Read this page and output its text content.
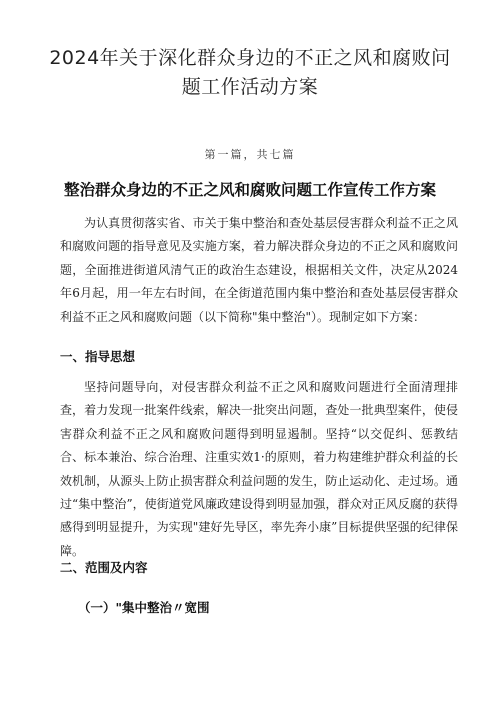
2024年关于深化群众身边的不正之风和腐败问题工作活动方案
第一篇，共七篇
整治群众身边的不正之风和腐败问题工作宣传工作方案
为认真贯彻落实省、市关于集中整治和查处基层侵害群众利益不正之风和腐败问题的指导意见及实施方案，着力解决群众身边的不正之风和腐败问题，全面推进街道风清气正的政治生态建设，根据相关文件，决定从2024年6月起，用一年左右时间，在全街道范围内集中整治和查处基层侵害群众利益不正之风和腐败问题（以下简称"集中整治"）。现制定如下方案：
一、指导思想
坚持问题导向，对侵害群众利益不正之风和腐败问题进行全面清理排查，着力发现一批案件线索，解决一批突出问题，查处一批典型案件，使侵害群众利益不正之风和腐败问题得到明显遏制。坚持“以交促纠、惩教结合、标本兼治、综合治理、注重实效1·的原则，着力构建维护群众利益的长效机制，从源头上防止损害群众利益问题的发生，防止运动化、走过场。通过“集中整治”，使街道党风廉政建设得到明显加强，群众对正风反腐的获得感得到明显提升，为实现"建好先导区，率先奔小康”目标提供坚强的纪律保障。
二、范围及内容
（一）"集中整治〃宽围
